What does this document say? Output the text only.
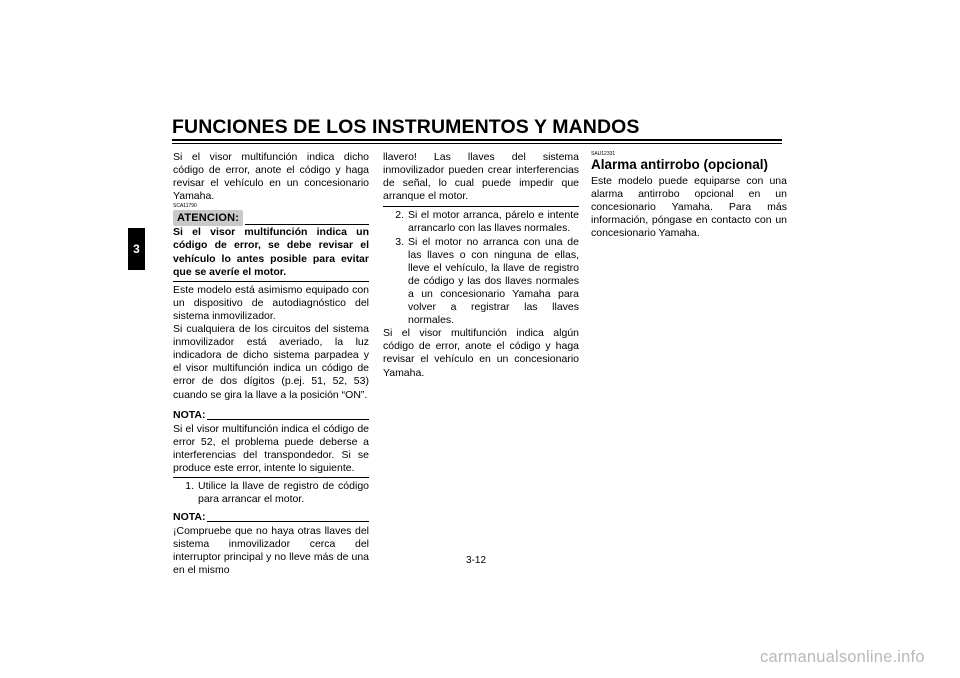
FUNCIONES DE LOS INSTRUMENTOS Y MANDOS
3

Si el visor multifunción indica dicho código de error, anote el código y haga revisar el vehículo en un concesionario Yamaha.

SCA11790

ATENCION:

Si el visor multifunción indica un código de error, se debe revisar el vehículo lo antes posible para evitar que se averíe el motor.

Este modelo está asimismo equipado con un dispositivo de autodiagnóstico del sistema inmovilizador.

Si cualquiera de los circuitos del sistema inmovilizador está averiado, la luz indicadora de dicho sistema parpadea y el visor multifunción indica un código de error de dos dígitos (p.ej. 51, 52, 53) cuando se gira la llave a la posición “ON”.

NOTA:

Si el visor multifunción indica el código de error 52, el problema puede deberse a interferencias del transpondedor. Si se produce este error, intente lo siguiente.

1. Utilice la llave de registro de código para arrancar el motor.
NOTA:

¡Compruebe que no haya otras llaves del sistema inmovilizador cerca del interruptor principal y no lleve más de una en el mismo

llavero! Las llaves del sistema inmovilizador pueden crear interferencias de señal, lo cual puede impedir que arranque el motor.

2. Si el motor arranca, párelo e intente arrancarlo con las llaves normales.
3. Si el motor no arranca con una de las llaves o con ninguna de ellas, lleve el vehículo, la llave de registro de código y las dos llaves normales a un concesionario Yamaha para volver a registrar las llaves normales.

Si el visor multifunción indica algún código de error, anote el código y haga revisar el vehículo en un concesionario Yamaha.

SAU12331

Alarma antirrobo (opcional)

Este modelo puede equiparse con una alarma antirrobo opcional en un concesionario Yamaha. Para más información, póngase en contacto con un concesionario Yamaha.

3-12
carmanualsonline.info
